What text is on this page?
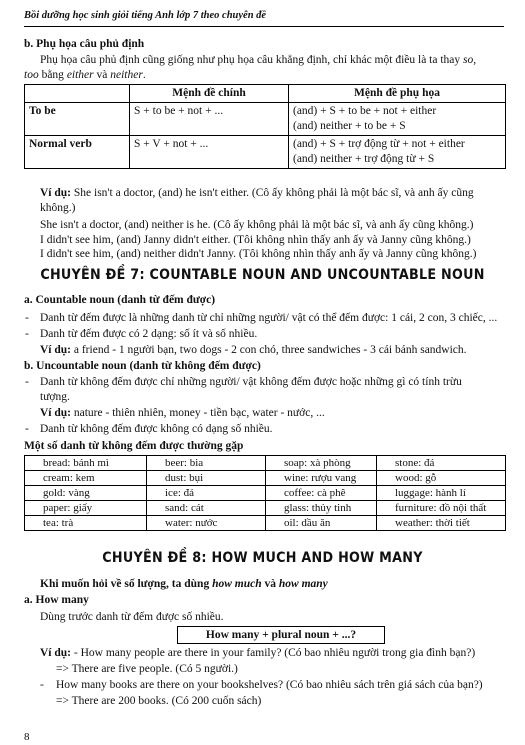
Bồi dưỡng học sinh giỏi tiếng Anh lớp 7 theo chuyên đề
b. Phụ họa câu phủ định
Phụ họa câu phủ định cũng giống như phụ họa câu khẳng định, chỉ khác một điều là ta thay so,
too bằng either và neither.
	Mệnh đề chính	Mệnh đề phụ họa
To be	S + to be + not + ...	(and) + S + to be + not + either
(and) neither + to be + S

Normal verb	S + V + not + ...	(and) + S + trợ động từ + not + either
(and) neither + trợ động từ + S
Ví dụ: She isn't a doctor, (and) he isn't either. (Cô ấy không phải là một bác sĩ, và anh ấy cũng
không.)
She isn't a doctor, (and) neither is he. (Cô ấy không phải là một bác sĩ, và anh ấy cũng không.)
I didn't see him, (and) Janny didn't either. (Tôi không nhìn thấy anh ấy và Janny cũng không.)
I didn't see him, (and) neither didn't Janny. (Tôi không nhìn thấy anh ấy và Janny cũng không.)
CHUYÊN ĐỀ 7: COUNTABLE NOUN AND UNCOUNTABLE NOUN
a. Countable noun (danh từ đếm được)
- Danh từ đếm được là những danh từ chỉ những người/ vật có thể đếm được: 1 cái, 2 con, 3 chiếc, ...
- Danh từ đếm được có 2 dạng: số ít và số nhiều.
Ví dụ: a friend - 1 người bạn, two dogs - 2 con chó, three sandwiches - 3 cái bánh sandwich.
b. Uncountable noun (danh từ không đếm được)
- Danh từ không đếm được chỉ những người/ vật không đếm được hoặc những gì có tính trừu
tượng.
Ví dụ: nature - thiên nhiên, money - tiền bạc, water - nước, ...
- Danh từ không đếm được không có dạng số nhiều.
Một số danh từ không đếm được thường gặp
bread: bánh mì	beer: bia	soap: xà phòng	stone: đá
cream: kem	dust: bụi	wine: rượu vang	wood: gỗ
gold: vàng	ice: đá	coffee: cà phê	luggage: hành lí
paper: giấy	sand: cát	glass: thủy tinh	furniture: đồ nội thất
tea: trà	water: nước	oil: dầu ăn	weather: thời tiết
CHUYÊN ĐỀ 8: HOW MUCH AND HOW MANY
Khi muốn hỏi về số lượng, ta dùng how much và how many
a. How many
Dùng trước danh từ đếm được số nhiều.
How many + plural noun + ...?
Ví dụ: - How many people are there in your family? (Có bao nhiêu người trong gia đình bạn?)
=> There are five people. (Có 5 người.)
- How many books are there on your bookshelves? (Có bao nhiêu sách trên giá sách của bạn?)
=> There are 200 books. (Có 200 cuốn sách)
8
